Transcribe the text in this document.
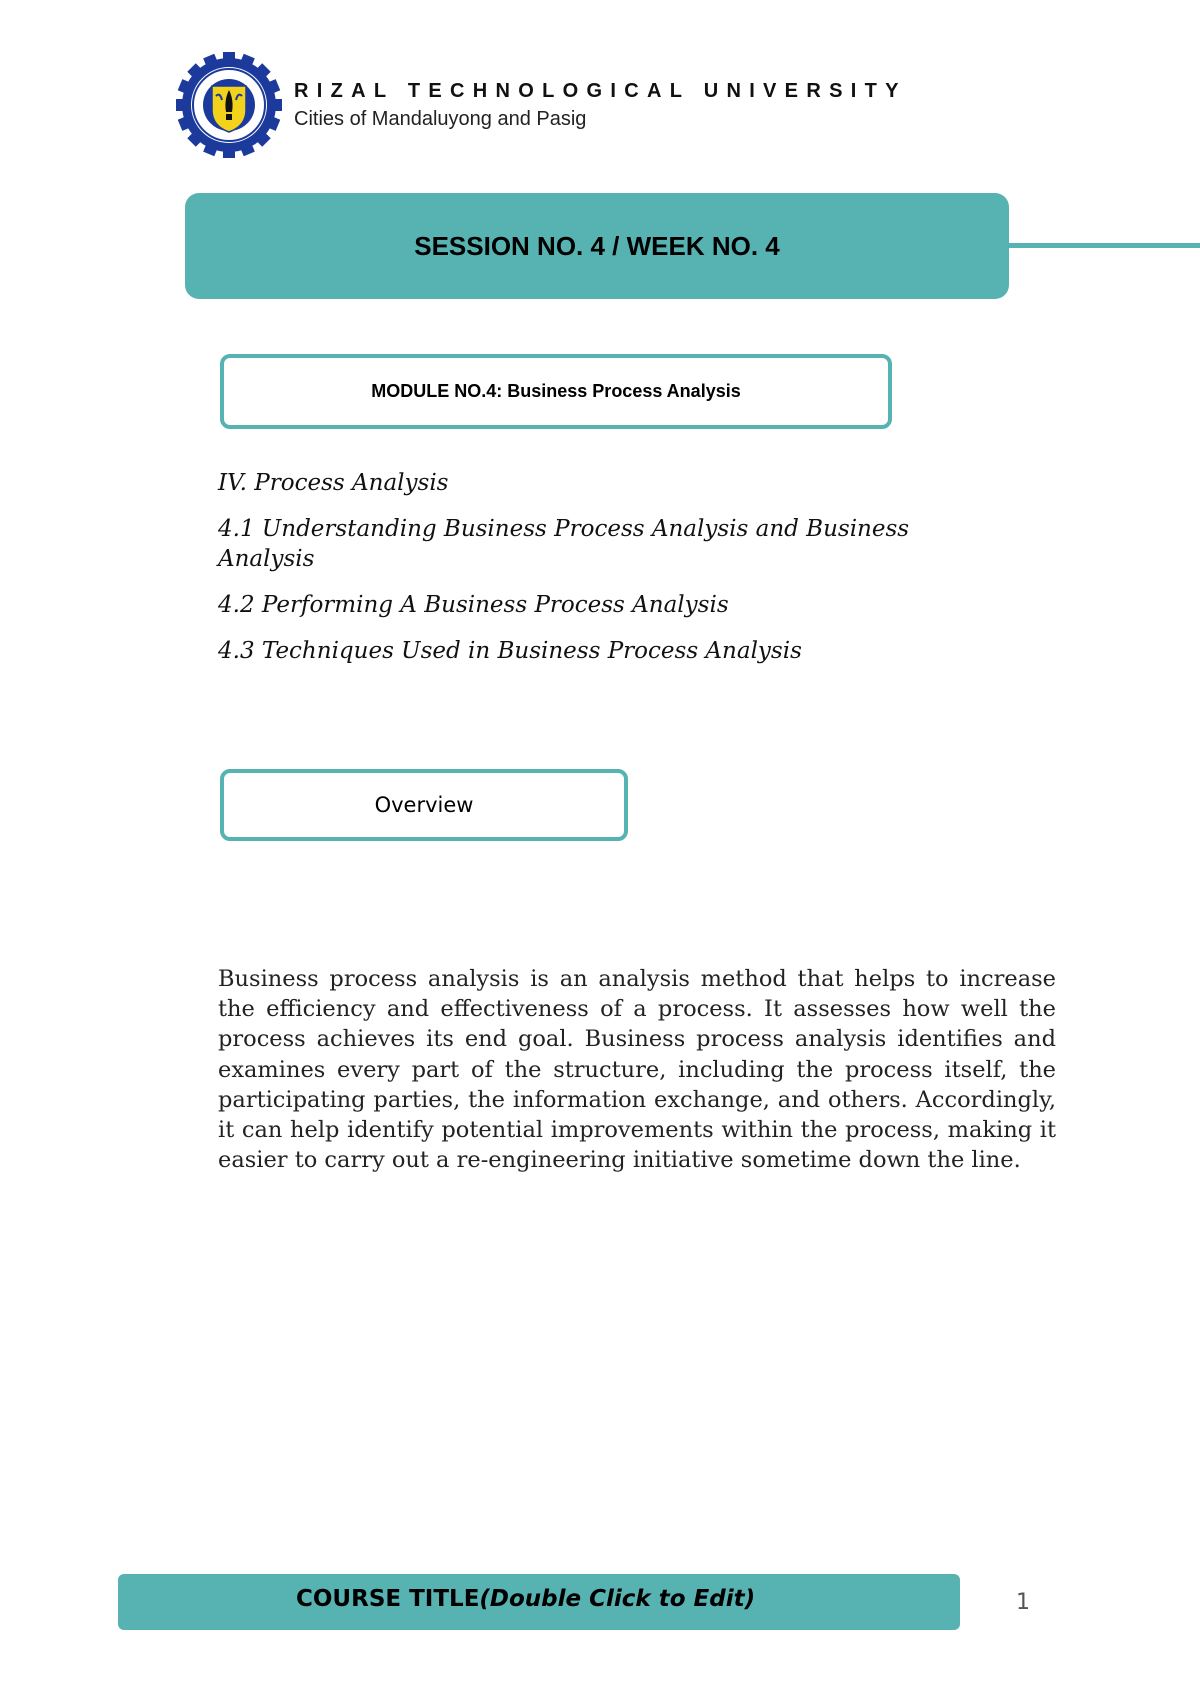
RIZAL TECHNOLOGICAL UNIVERSITY
Cities of Mandaluyong and Pasig
SESSION NO. 4 / WEEK NO. 4
MODULE NO.4: Business Process Analysis

IV. Process Analysis

4.1 Understanding Business Process Analysis and Business Analysis

4.2 Performing A Business Process Analysis

4.3 Techniques Used in Business Process Analysis

Overview

Business process analysis is an analysis method that helps to increase the efficiency and effectiveness of a process. It assesses how well the process achieves its end goal. Business process analysis identifies and examines every part of the structure, including the process itself, the participating parties, the information exchange, and others. Accordingly, it can help identify potential improvements within the process, making it easier to carry out a re-engineering initiative sometime down the line.

COURSE TITLE(Double Click to Edit)	1
